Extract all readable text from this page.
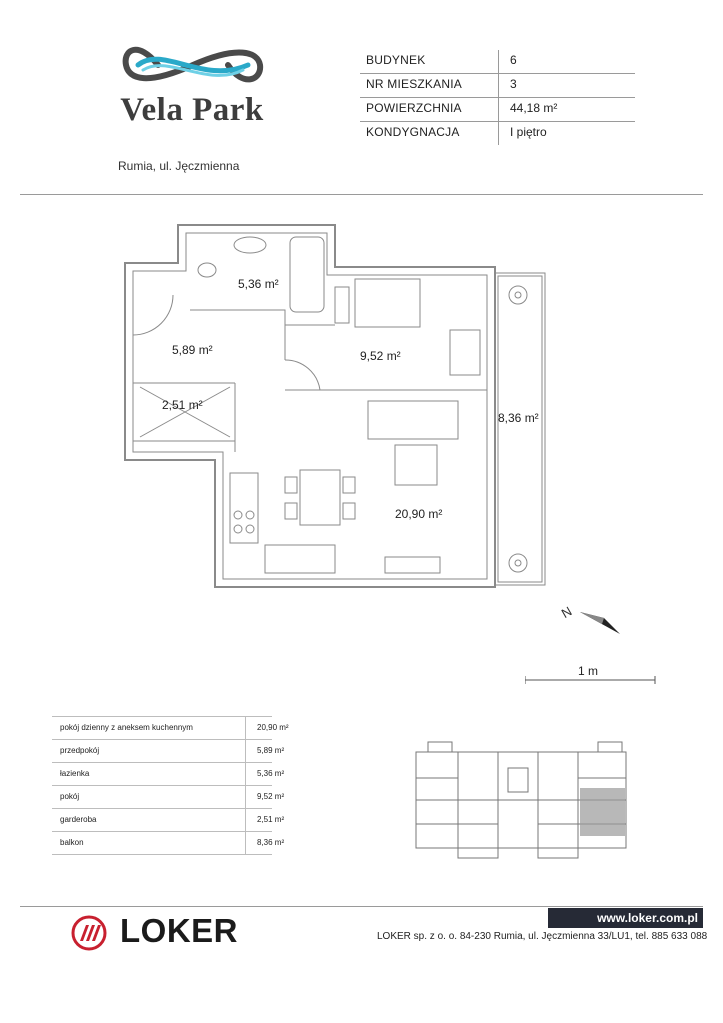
Vela Park
Rumia, ul. Jęczmienna
BUDYNEK	6
NR MIESZKANIA	3
POWIERZCHNIA	44,18 m²
KONDYGNACJA	I piętro
5,36 m²
5,89 m²	9,52 m²
2,51 m²
8,36 m²
20,90 m²
N
1 m
pokój dzienny z aneksem kuchennym	20,90 m²
przedpokój	5,89 m²
łazienka	5,36 m²
pokój	9,52 m²
garderoba	2,51 m²
balkon	8,36 m²
LOKER	www.loker.com.pl
LOKER sp. z o. o. 84-230 Rumia, ul. Jęczmienna 33/LU1, tel. 885 633 088
